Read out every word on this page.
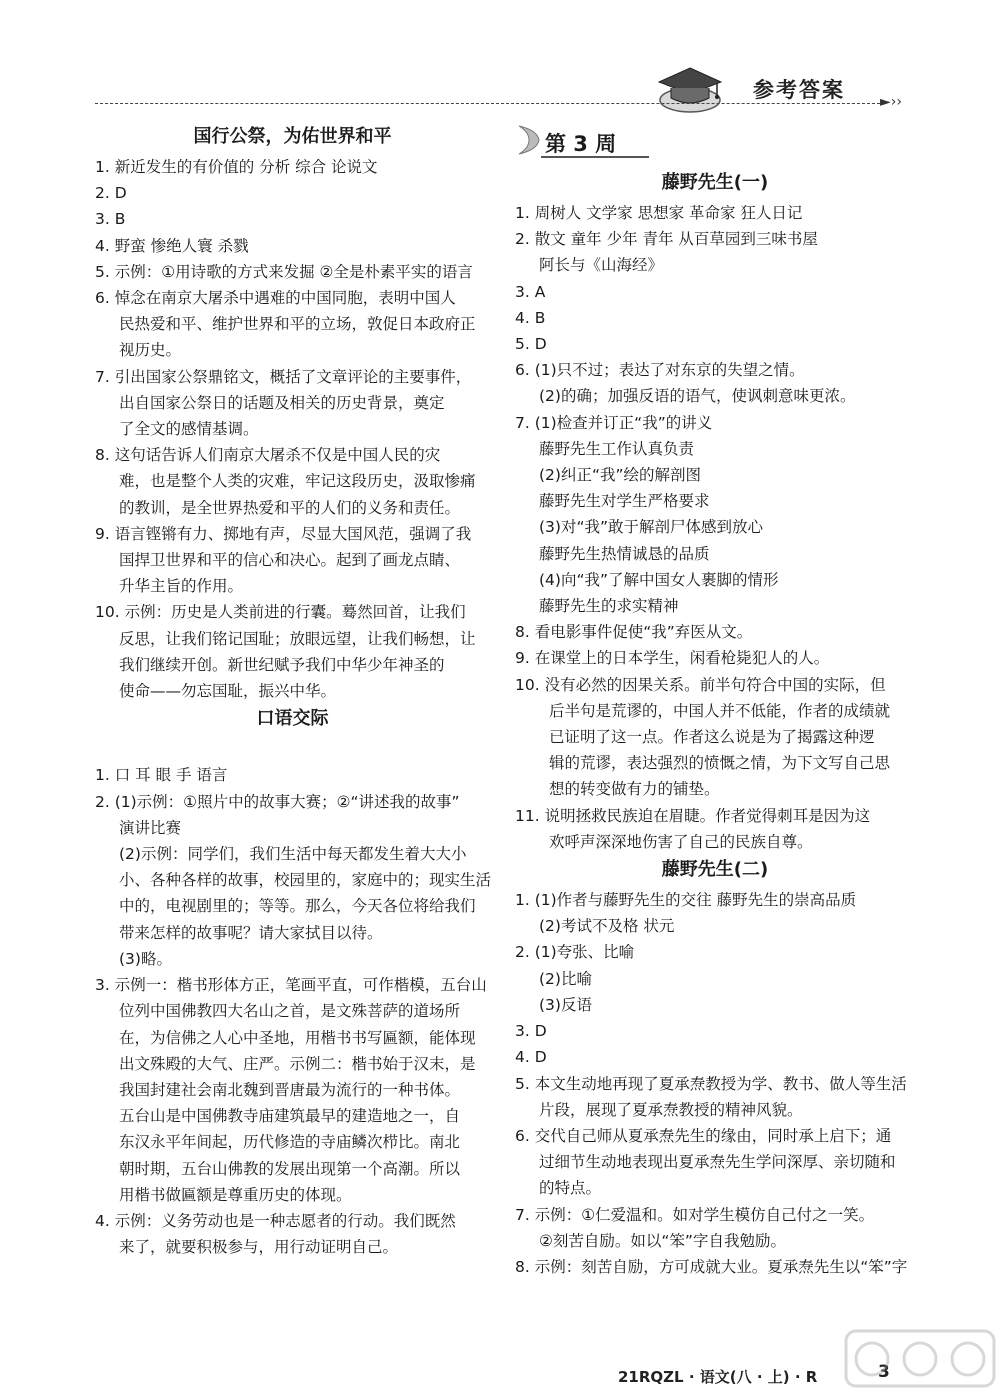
参考答案	►››
国行公祭，为佑世界和平
1. 新近发生的有价值的 分析 综合 论说文
2. D
3. B
4. 野蛮 惨绝人寰 杀戮
5. 示例：①用诗歌的方式来发掘 ②全是朴素平实的语言
6. 悼念在南京大屠杀中遇难的中国同胞，表明中国人
民热爱和平、维护世界和平的立场，敦促日本政府正
视历史。
7. 引出国家公祭鼎铭文，概括了文章评论的主要事件，
出自国家公祭日的话题及相关的历史背景，奠定
了全文的感情基调。
8. 这句话告诉人们南京大屠杀不仅是中国人民的灾
难，也是整个人类的灾难，牢记这段历史，汲取惨痛
的教训，是全世界热爱和平的人们的义务和责任。
9. 语言铿锵有力、掷地有声，尽显大国风范，强调了我
国捍卫世界和平的信心和决心。起到了画龙点睛、
升华主旨的作用。
10. 示例：历史是人类前进的行囊。蓦然回首，让我们
反思，让我们铭记国耻；放眼远望，让我们畅想，让
我们继续开创。新世纪赋予我们中华少年神圣的
使命——勿忘国耻，振兴中华。
口语交际

1. 口 耳 眼 手 语言
2. (1)示例：①照片中的故事大赛；②“讲述我的故事”
演讲比赛
(2)示例：同学们，我们生活中每天都发生着大大小
小、各种各样的故事，校园里的，家庭中的；现实生活
中的，电视剧里的；等等。那么，今天各位将给我们
带来怎样的故事呢？请大家拭目以待。
(3)略。
3. 示例一：楷书形体方正，笔画平直，可作楷模，五台山
位列中国佛教四大名山之首，是文殊菩萨的道场所
在，为信佛之人心中圣地，用楷书书写匾额，能体现
出文殊殿的大气、庄严。示例二：楷书始于汉末，是
我国封建社会南北魏到晋唐最为流行的一种书体。
五台山是中国佛教寺庙建筑最早的建造地之一，自
东汉永平年间起，历代修造的寺庙鳞次栉比。南北
朝时期，五台山佛教的发展出现第一个高潮。所以
用楷书做匾额是尊重历史的体现。
4. 示例：义务劳动也是一种志愿者的行动。我们既然
来了，就要积极参与，用行动证明自己。
第 3 周
藤野先生(一)
1. 周树人 文学家 思想家 革命家 狂人日记
2. 散文 童年 少年 青年 从百草园到三味书屋
阿长与《山海经》
3. A
4. B
5. D
6. (1)只不过；表达了对东京的失望之情。
(2)的确；加强反语的语气，使讽刺意味更浓。
7. (1)检查并订正“我”的讲义
藤野先生工作认真负责
(2)纠正“我”绘的解剖图
藤野先生对学生严格要求
(3)对“我”敢于解剖尸体感到放心
藤野先生热情诚恳的品质
(4)向“我”了解中国女人裹脚的情形
藤野先生的求实精神
8. 看电影事件促使“我”弃医从文。
9. 在课堂上的日本学生，闲看枪毙犯人的人。
10. 没有必然的因果关系。前半句符合中国的实际，但
后半句是荒谬的，中国人并不低能，作者的成绩就
已证明了这一点。作者这么说是为了揭露这种逻
辑的荒谬，表达强烈的愤慨之情，为下文写自己思
想的转变做有力的铺垫。
11. 说明拯救民族迫在眉睫。作者觉得刺耳是因为这
欢呼声深深地伤害了自己的民族自尊。
藤野先生(二)
1. (1)作者与藤野先生的交往 藤野先生的崇高品质
(2)考试不及格 状元
2. (1)夸张、比喻
(2)比喻
(3)反语
3. D
4. D
5. 本文生动地再现了夏承焘教授为学、教书、做人等生活
片段，展现了夏承焘教授的精神风貌。
6. 交代自己师从夏承焘先生的缘由，同时承上启下；通
过细节生动地表现出夏承焘先生学问深厚、亲切随和
的特点。
7. 示例：①仁爱温和。如对学生模仿自己付之一笑。
②刻苦自励。如以“笨”字自我勉励。
8. 示例：刻苦自励，方可成就大业。夏承焘先生以“笨”字
21RQZL · 语文(八 · 上) · R	3
